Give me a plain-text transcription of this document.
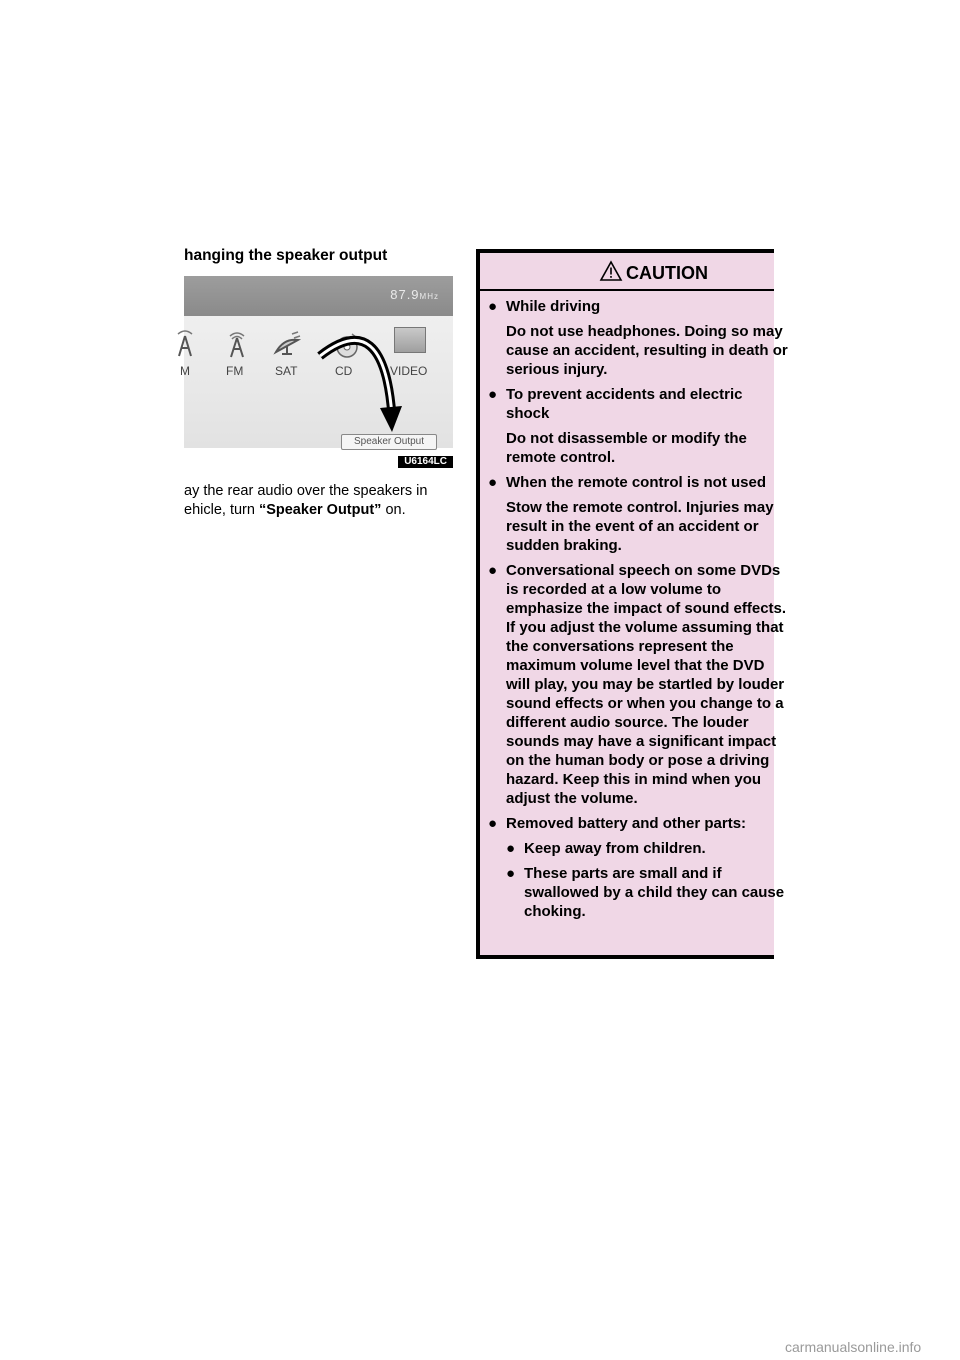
hanging the speaker output
87.9MHz
M	FM	SAT	CD	VIDEO
Speaker Output
U6164LC
ay the rear audio over the speakers in
ehicle, turn “Speaker Output” on.
CAUTION
● While driving

Do not use headphones. Doing so may cause an accident, resulting in death or serious injury.

● To prevent accidents and electric shock

Do not disassemble or modify the remote control.

● When the remote control is not used

Stow the remote control. Injuries may result in the event of an accident or sudden braking.

● Conversational speech on some DVDs is recorded at a low volume to emphasize the impact of sound effects. If you adjust the volume assuming that the conversations represent the maximum volume level that the DVD will play, you may be startled by louder sound effects or when you change to a different audio source. The louder sounds may have a significant impact on the human body or pose a driving hazard. Keep this in mind when you adjust the volume.

● Removed battery and other parts:

● Keep away from children.

● These parts are small and if swallowed by a child they can cause choking.

carmanualsonline.info
